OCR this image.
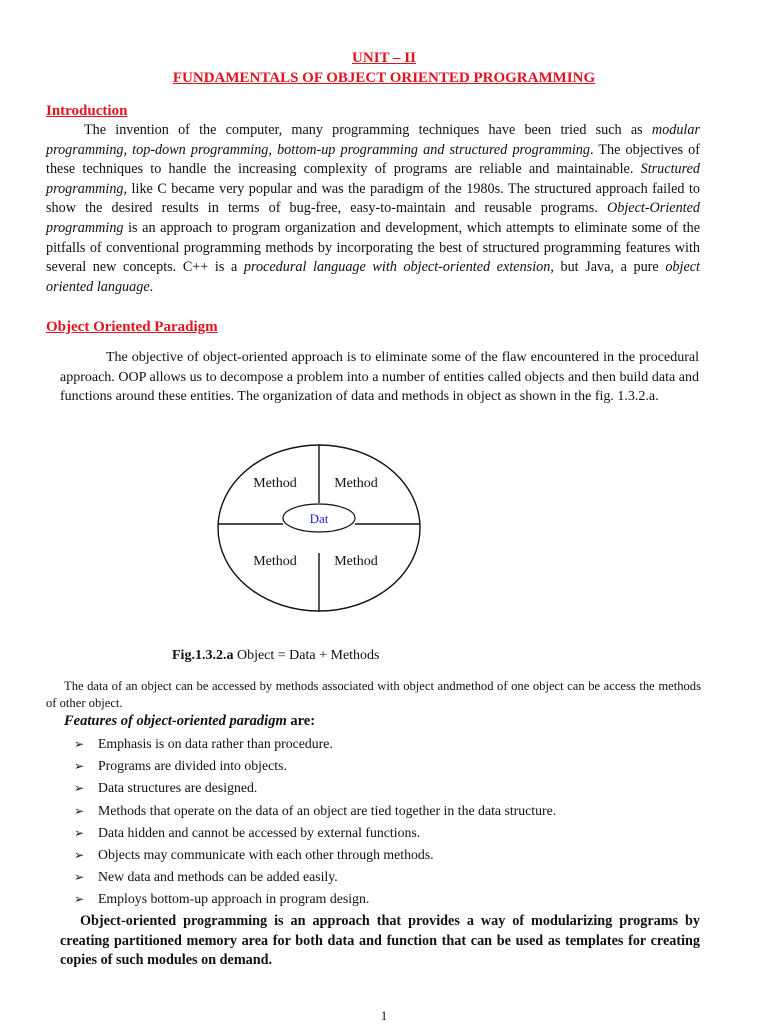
UNIT – II
FUNDAMENTALS OF OBJECT ORIENTED PROGRAMMING
Introduction
The invention of the computer, many programming techniques have been tried such as modular programming, top-down programming, bottom-up programming and structured programming. The objectives of these techniques to handle the increasing complexity of programs are reliable and maintainable. Structured programming, like C became very popular and was the paradigm of the 1980s. The structured approach failed to show the desired results in terms of bug-free, easy-to-maintain and reusable programs. Object-Oriented programming is an approach to program organization and development, which attempts to eliminate some of the pitfalls of conventional programming methods by incorporating the best of structured programming features with several new concepts. C++ is a procedural language with object-oriented extension, but Java, a pure object oriented language.
Object Oriented Paradigm
The objective of object-oriented approach is to eliminate some of the flaw encountered in the procedural approach. OOP allows us to decompose a problem into a number of entities called objects and then build data and functions around these entities. The organization of data and methods in object as shown in the fig. 1.3.2.a.
Dat
Method	Method
Method	Method
Fig.1.3.2.a Object = Data + Methods
The data of an object can be accessed by methods associated with object andmethod of one object can be access the methods of other object.
Features of object-oriented paradigm are:
➢ Emphasis is on data rather than procedure.
➢ Programs are divided into objects.
➢ Data structures are designed.
➢ Methods that operate on the data of an object are tied together in the data structure.
➢ Data hidden and cannot be accessed by external functions.
➢ Objects may communicate with each other through methods.
➢ New data and methods can be added easily.
➢ Employs bottom-up approach in program design.
Object-oriented programming is an approach that provides a way of modularizing programs by creating partitioned memory area for both data and function that can be used as templates for creating copies of such modules on demand.
1
